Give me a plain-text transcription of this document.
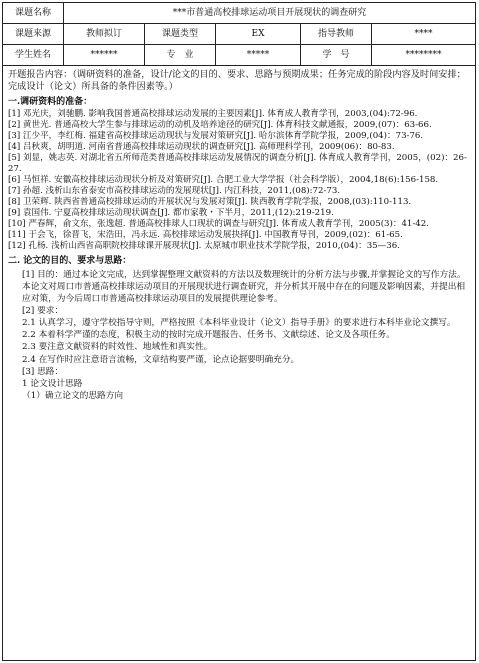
课题名称	***市普通高校排球运动项目开展现状的调查研究
课题来源	教师拟订	课题类型	EX	指导教师	****
学生姓名	******	专　业	*****	学　号	********

开题报告内容：（调研资料的准备，设计/论文的目的、要求、思路与预期成果；任务完成的阶段内容及时间安排；完成设计（论文）所具备的条件因素等。）

一.调研资料的准备：

[1] 邓光庆，刘驰鹏. 影响我国普通高校排球运动发展的主要因素[J]. 体育成人教育学刊，2003,(04):72-96.

[2] 黄世光. 普通高校大学生参与排球运动的动机及培养途径的研究[J]. 体育科技文献通报，2009,(07)：63-66.

[3] 江少平，李红梅. 福建省高校排球运动现状与发展对策研究[J]. 哈尔滨体育学院学报，2009,(04)：73-76.

[4] 吕秋爽，胡明道. 河南省普通高校排球运动现状的调查研究[J]. 高师理科学刊，2009(06)：80-83.

[5] 刘显，姚志英. 对湖北省五所师范类普通高校排球运动发展情况的调查分析[J]. 体育成人教育学刊，2005，(02)：26-27.

[6] 马恒祥. 安徽高校排球运动现状分析及对策研究[J]. 合肥工业大学学报（社会科学版），2004,18(6):156-158.

[7] 孙超. 浅析山东省泰安市高校排球运动的发展现状[J]. 内江科技，2011,(08):72-73.

[8] 卫荣辉. 陕西省普通高校排球运动的开展状况与发展对策[J]. 陕西教育学院学报，2008,(03):110-113.

[9] 袁国伟. 宁夏高校排球运动现状调查[J]. 都市家教・下半月，2011,(12):219-219.

[10] 严春辉，俞文东，张逸超. 普通高校排球人口现状的调查与研究[J]. 体育成人教育学刊，2005(3)：41-42.

[11] 于会飞，徐晋飞，宋浩田，冯永远. 高校排球运动发展抉择[J]. 中国教育导刊，2009,(02)：61-65.

[12] 孔杨. 浅析山西省高职院校排球课开展现状[J]. 太原城市职业技术学院学报，2010,(04)：35—36.

二. 论文的目的、要求与思路：

[1] 目的：通过本论文完成，达到掌握整理文献资料的方法以及数理统计的分析方法与步骤,并掌握论文的写作方法。本论文对周口市普通高校排球运动项目的开展现状进行调查研究，并分析其开展中存在的问题及影响因素，并提出相应对策，为今后周口市普通高校排球运动项目的发展提供理论参考。

[2] 要求：

2.1 认真学习，遵守学校指导守则，严格按照《本科毕业设计（论文）指导手册》的要求进行本科毕业论文撰写。

2.2 本着科学严谨的态度，积极主动的按时完成开题报告、任务书、文献综述、论文及各项任务。

2.3 要注意文献资料的时效性、地域性和真实性。

2.4 在写作时应注意语言流畅，文章结构要严谨，论点论据要明确充分。

[3] 思路：

1 论文设计思路

（1）确立论文的思路方向
